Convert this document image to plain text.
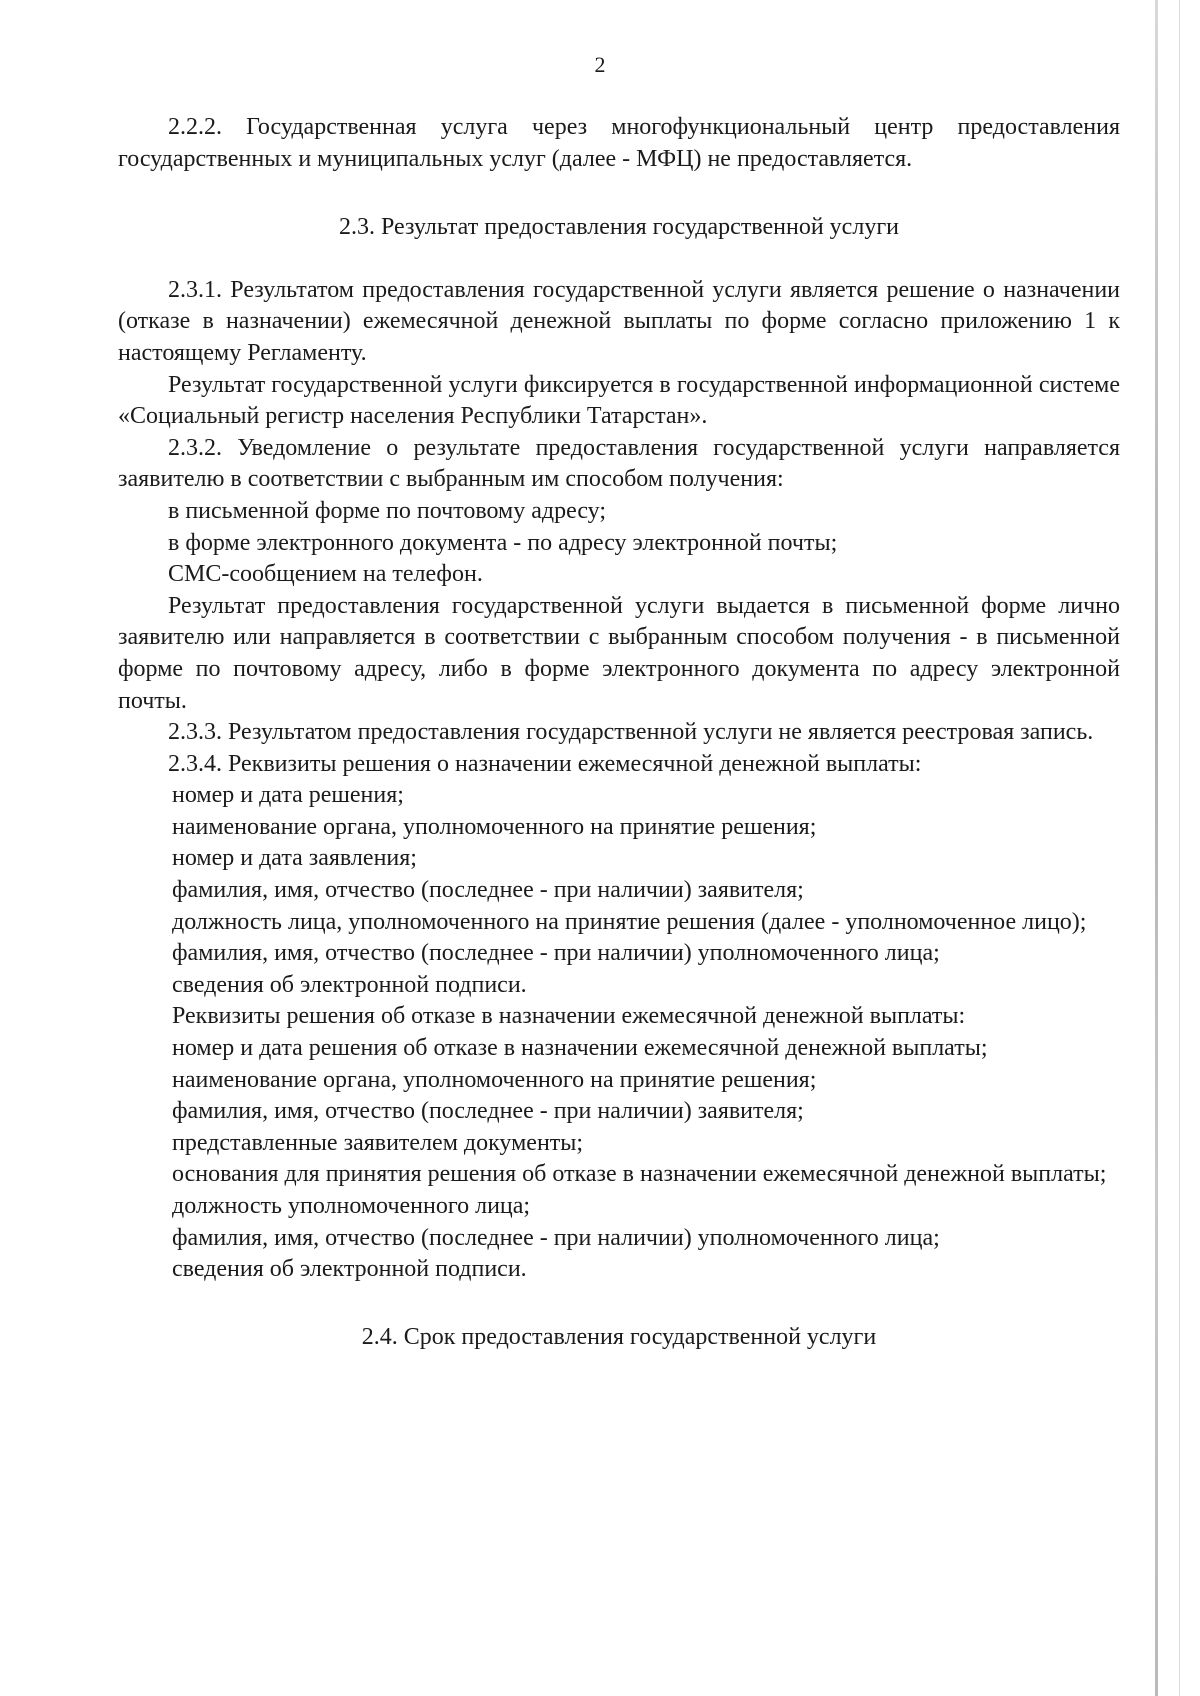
2

2.2.2. Государственная услуга через многофункциональный центр предоставления государственных и муниципальных услуг (далее - МФЦ) не предоставляется.

2.3. Результат предоставления государственной услуги

2.3.1. Результатом предоставления государственной услуги является решение о назначении (отказе в назначении) ежемесячной денежной выплаты по форме согласно приложению 1 к настоящему Регламенту.

Результат государственной услуги фиксируется в государственной информационной системе «Социальный регистр населения Республики Татарстан».

2.3.2. Уведомление о результате предоставления государственной услуги направляется заявителю в соответствии с выбранным им способом получения:

в письменной форме по почтовому адресу;

в форме электронного документа - по адресу электронной почты;

СМС-сообщением на телефон.

Результат предоставления государственной услуги выдается в письменной форме лично заявителю или направляется в соответствии с выбранным способом получения - в письменной форме по почтовому адресу, либо в форме электронного документа по адресу электронной почты.

2.3.3. Результатом предоставления государственной услуги не является реестровая запись.

2.3.4. Реквизиты решения о назначении ежемесячной денежной выплаты:

номер и дата решения;

наименование органа, уполномоченного на принятие решения;

номер и дата заявления;

фамилия, имя, отчество (последнее - при наличии) заявителя;

должность лица, уполномоченного на принятие решения (далее - уполномоченное лицо);

фамилия, имя, отчество (последнее - при наличии) уполномоченного лица;

сведения об электронной подписи.

Реквизиты решения об отказе в назначении ежемесячной денежной выплаты:

номер и дата решения об отказе в назначении ежемесячной денежной выплаты;

наименование органа, уполномоченного на принятие решения;

фамилия, имя, отчество (последнее - при наличии) заявителя;

представленные заявителем документы;

основания для принятия решения об отказе в назначении ежемесячной денежной выплаты;

должность уполномоченного лица;

фамилия, имя, отчество (последнее - при наличии) уполномоченного лица;

сведения об электронной подписи.

2.4. Срок предоставления государственной услуги
